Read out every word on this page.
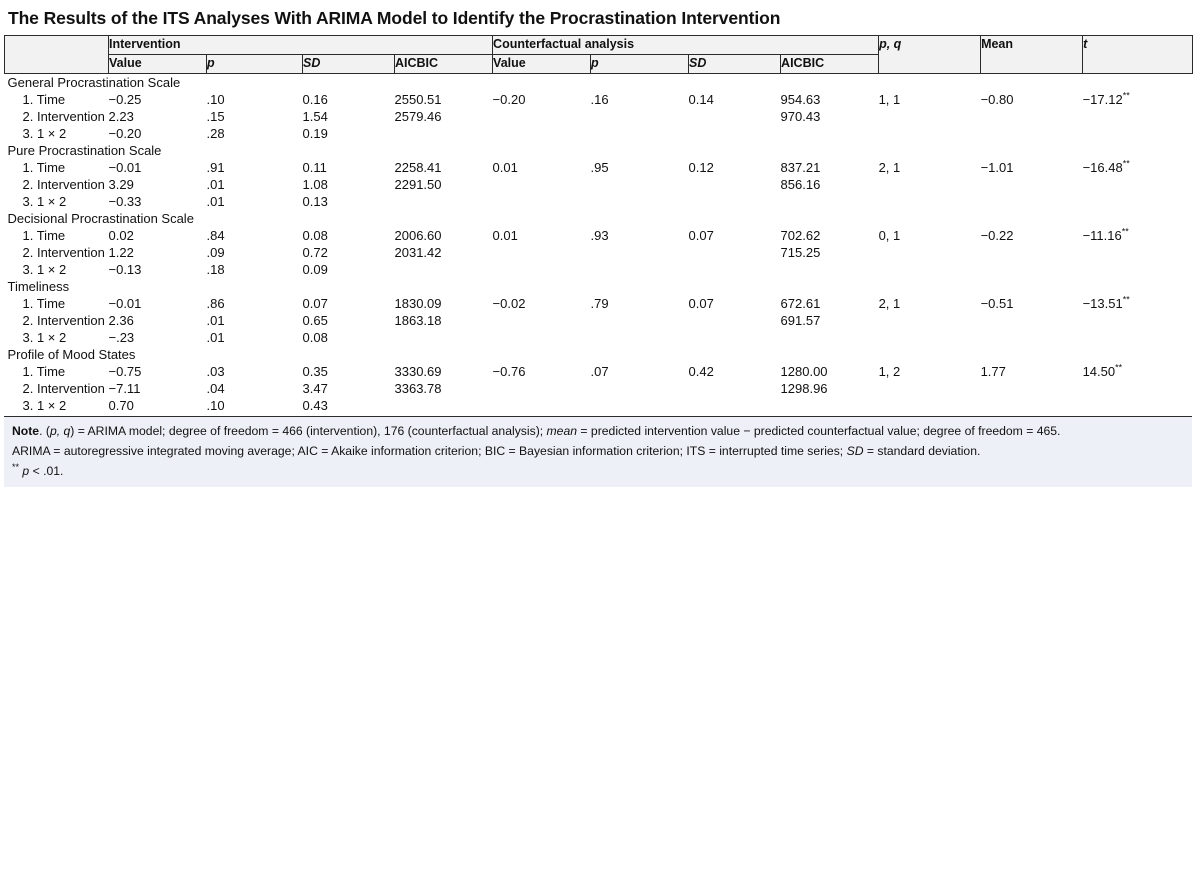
The Results of the ITS Analyses With ARIMA Model to Identify the Procrastination Intervention
	Intervention				Counterfactual analysis				p, q	Mean	t
	Value	p	SD	AICBIC	Value	p	SD	AICBIC			
General Procrastination Scale											
1. Time	−0.25	.10	0.16	2550.51	−0.20	.16	0.14	954.63	1, 1	−0.80	−17.12**
2. Intervention	2.23	.15	1.54	2579.46				970.43			
3. 1 × 2	−0.20	.28	0.19								
Pure Procrastination Scale											
1. Time	−0.01	.91	0.11	2258.41	0.01	.95	0.12	837.21	2, 1	−1.01	−16.48**
2. Intervention	3.29	.01	1.08	2291.50				856.16			
3. 1 × 2	−0.33	.01	0.13								
Decisional Procrastination Scale											
1. Time	0.02	.84	0.08	2006.60	0.01	.93	0.07	702.62	0, 1	−0.22	−11.16**
2. Intervention	1.22	.09	0.72	2031.42				715.25			
3. 1 × 2	−0.13	.18	0.09								
Timeliness											
1. Time	−0.01	.86	0.07	1830.09	−0.02	.79	0.07	672.61	2, 1	−0.51	−13.51**
2. Intervention	2.36	.01	0.65	1863.18				691.57			
3. 1 × 2	−.23	.01	0.08								
Profile of Mood States											
1. Time	−0.75	.03	0.35	3330.69	−0.76	.07	0.42	1280.00	1, 2	1.77	14.50**
2. Intervention	−7.11	.04	3.47	3363.78				1298.96			
3. 1 × 2	0.70	.10	0.43								
Note. (p, q) = ARIMA model; degree of freedom = 466 (intervention), 176 (counterfactual analysis); mean = predicted intervention value − predicted counterfactual value; degree of freedom = 465.
ARIMA = autoregressive integrated moving average; AIC = Akaike information criterion; BIC = Bayesian information criterion; ITS = interrupted time series; SD = standard deviation.
** p < .01.
